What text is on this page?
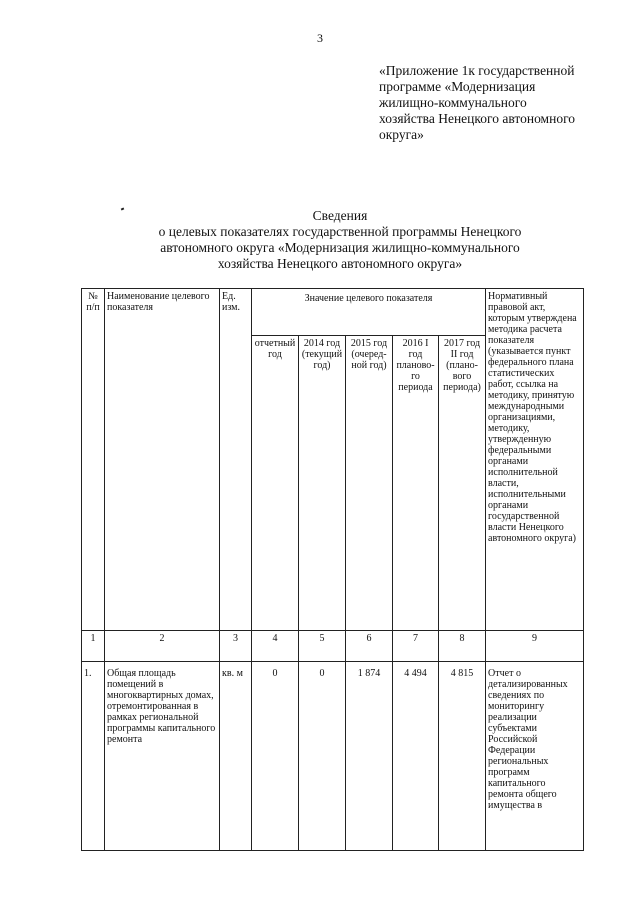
3
«Приложение 1к государственной
программе «Модернизация
жилищно-коммунального
хозяйства Ненецкого автономного
округа»
Сведения
о целевых показателях государственной программы Ненецкого
автономного округа «Модернизация жилищно-коммунального
хозяйства Ненецкого автономного округа»
№ п/п	Наименование целевого показателя	Ед. изм.	Значение целевого показателя					Нормативный правовой акт, которым утверждена методика расчета показателя (указывается пункт федерального плана статистических работ, ссылка на методику, принятую международными организациями, методику, утвержденную федеральными органами исполнительной власти, исполнительными органами государственной власти Ненецкого автономного округа)
			отчетный год	2014 год (текущий год)	2015 год (очеред-ной год)	2016 I год планово-го периода	2017 год II год (плано-вого периода)	
1	2	3	4	5	6	7	8	9
1.	Общая площадь помещений в многоквартирных домах, отремонтированная в рамках региональной программы капитального ремонта	кв. м	0	0	1 874	4 494	4 815	Отчет о детализированных сведениях по мониторингу реализации субъектами Российской Федерации региональных программ капитального ремонта общего имущества в
